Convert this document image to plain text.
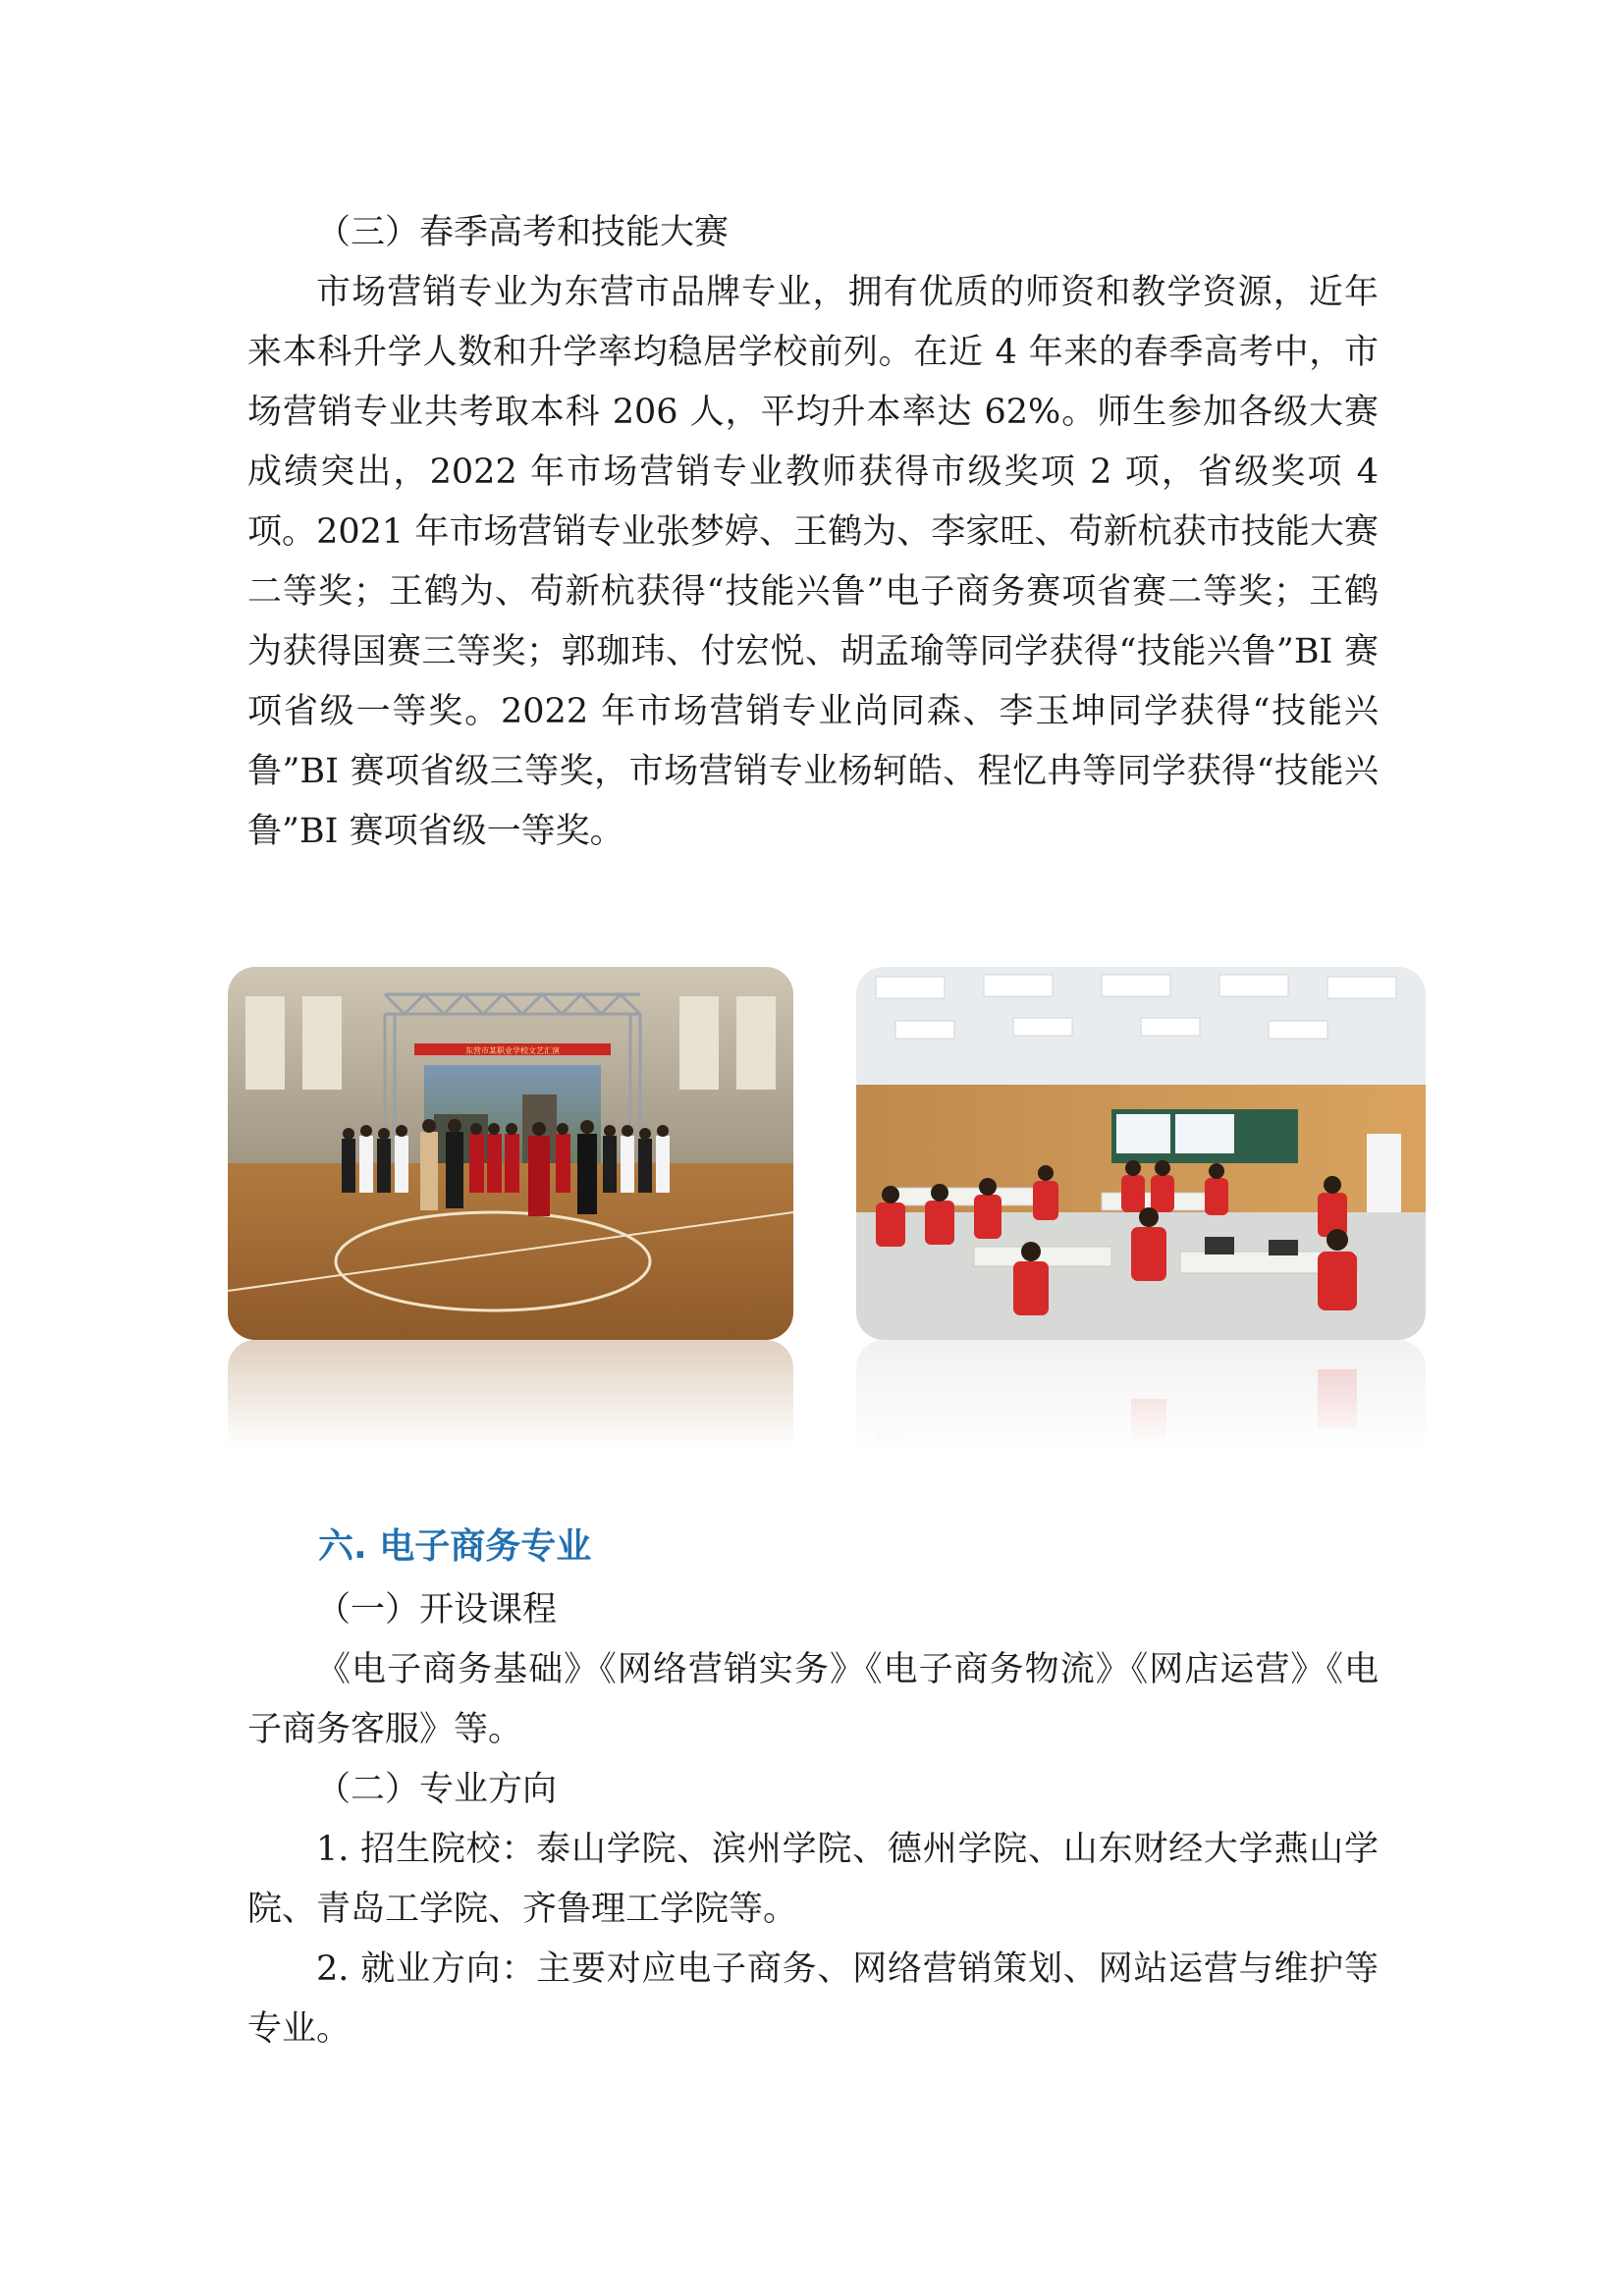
（三）春季高考和技能大赛

市场营销专业为东营市品牌专业，拥有优质的师资和教学资源，近年来本科升学人数和升学率均稳居学校前列。在近 4 年来的春季高考中，市场营销专业共考取本科 206 人，平均升本率达 62%。师生参加各级大赛成绩突出，2022 年市场营销专业教师获得市级奖项 2 项，省级奖项 4 项。2021 年市场营销专业张梦婷、王鹤为、李家旺、苟新杭获市技能大赛二等奖；王鹤为、苟新杭获得“技能兴鲁”电子商务赛项省赛二等奖；王鹤为获得国赛三等奖；郭珈玮、付宏悦、胡孟瑜等同学获得“技能兴鲁”BI 赛项省级一等奖。2022 年市场营销专业尚同森、李玉坤同学获得“技能兴鲁”BI 赛项省级三等奖，市场营销专业杨轲皓、程忆冉等同学获得“技能兴鲁”BI 赛项省级一等奖。

东营市某职业学校文艺汇演

六. 电子商务专业

（一）开设课程

《电子商务基础》《网络营销实务》《电子商务物流》《网店运营》《电子商务客服》等。

（二）专业方向

1. 招生院校：泰山学院、滨州学院、德州学院、山东财经大学燕山学院、青岛工学院、齐鲁理工学院等。

2. 就业方向：主要对应电子商务、网络营销策划、网站运营与维护等专业。
